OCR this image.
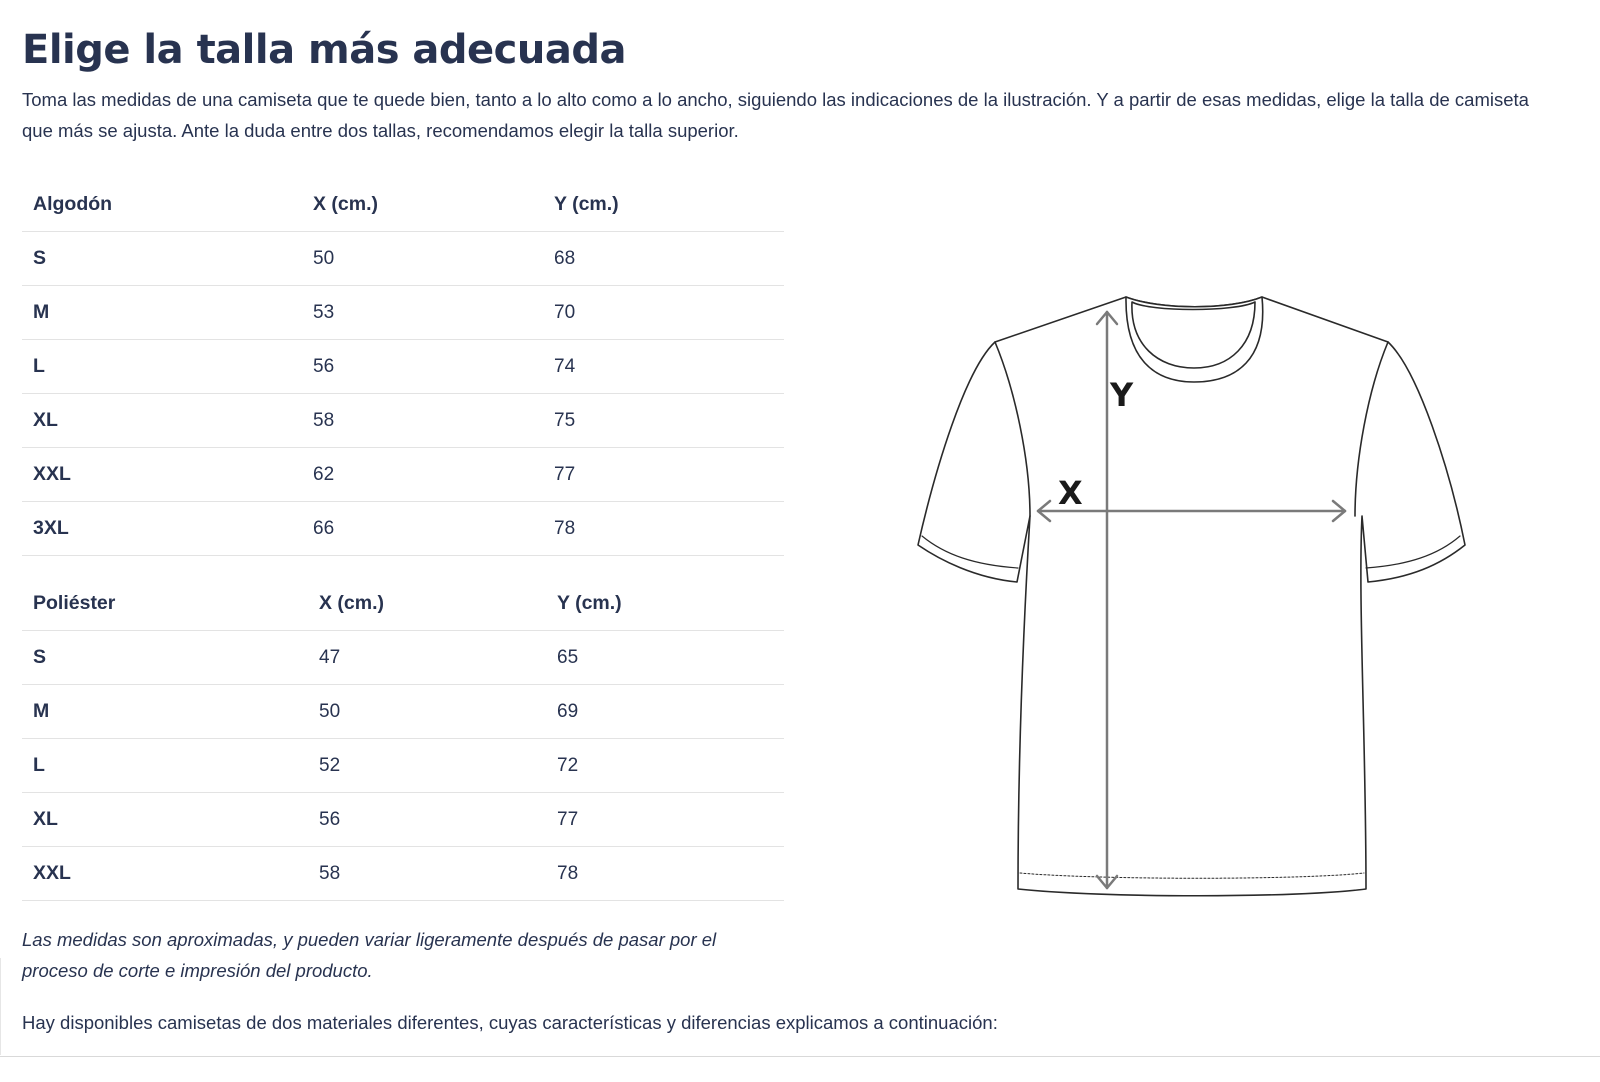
Elige la talla más adecuada

Toma las medidas de una camiseta que te quede bien, tanto a lo alto como a lo ancho, siguiendo las indicaciones de la ilustración. Y a partir de esas medidas, elige la talla de camiseta que más se ajusta. Ante la duda entre dos tallas, recomendamos elegir la talla superior.

Algodón	X (cm.)	Y (cm.)
S	50	68
M	53	70
L	56	74
XL	58	75
XXL	62	77
3XL	66	78
Poliéster	X (cm.)	Y (cm.)
S	47	65
M	50	69
L	52	72
XL	56	77
XXL	58	78
Y
X

Las medidas son aproximadas, y pueden variar ligeramente después de pasar por el proceso de corte e impresión del producto.

Hay disponibles camisetas de dos materiales diferentes, cuyas características y diferencias explicamos a continuación:
